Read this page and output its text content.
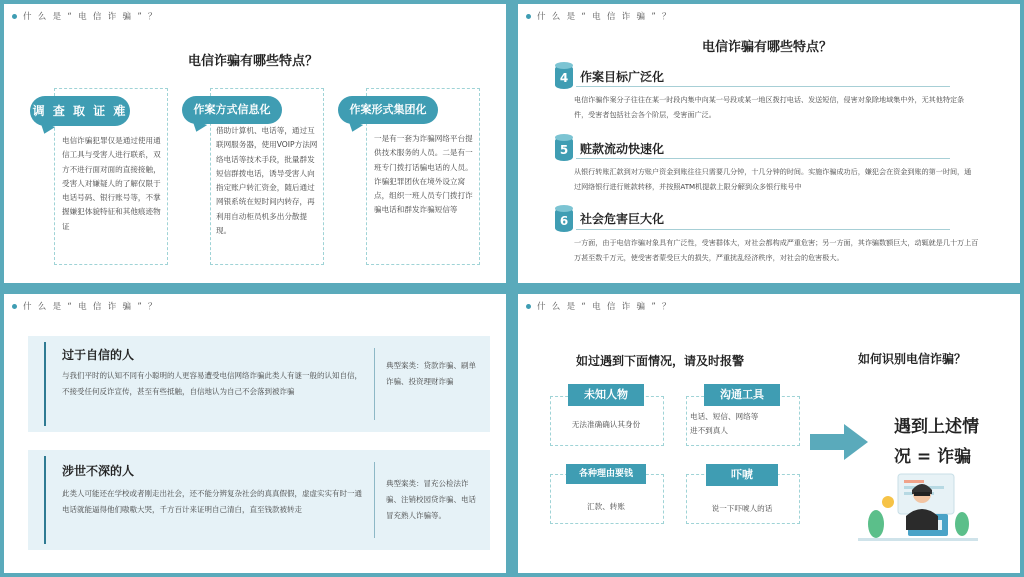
什 么 是 “ 电 信 诈 骗 ” ？
电信诈骗有哪些特点？
电信诈骗犯罪仅是通过使用通信工具与受害人进行联系，双方不进行面对面的直接接触，受害人对嫌疑人的了解仅限于电话号码、银行账号等，不掌握嫌犯体貌特征和其他痕迹物证
调 查 取 证 难
借助计算机、电话等，通过互联网服务器，使用VOIP方法网络电话等技术手段，批量群发短信群拨电话，诱导受害人向指定账户转汇资金，随后通过网银系统在短时间内转存，再利用自动柜员机多出分散提现。
作案方式信息化
一是有一套为诈骗网络平台提供技术服务的人员。二是有一班专门拨打话骗电话的人员。诈骗犯罪团伙在境外设立窝点，组织一班人员专门拨打诈骗电话和群发诈骗短信等
作案形式集团化
什 么 是 “ 电 信 诈 骗 ” ？
电信诈骗有哪些特点？
4 作案目标广泛化
电信诈骗作案分子往往在某一时段内集中向某一号段或某一地区拨打电话、发送短信，侵害对象除地域集中外，无其他特定条件，受害者包括社会各个阶层，受害面广泛。
5 赃款流动快速化
从银行转账汇款到对方账户资金到账往往只需要几分钟，十几分钟的时间。实施诈骗成功后，嫌犯会在资金到账的第一时间，通过网络银行进行赃款转移，并按照ATM机提款上限分解到众多银行账号中
6 社会危害巨大化
一方面，由于电信诈骗对象具有广泛性，受害群体大，对社会都构成严重危害；另一方面，其诈骗数额巨大，动辄就是几十万上百万甚至数千万元，使受害者蒙受巨大的损失，严重扰乱经济秩序，对社会的危害极大。
什 么 是 “ 电 信 诈 骗 ” ？
过于自信的人
与我们平时的认知不同有小聪明的人更容易遭受电信网络诈骗此类人有谜一般的认知自信，不接受任何反诈宣传，甚至有些抵触，自信地认为自己不会落到被诈骗
典型案类：贷款诈骗、刷单诈骗、投资理财诈骗
涉世不深的人
此类人可能还在学校或者刚走出社会，还不能分辨复杂社会的真真假假，虚虚实实有时一通电话就能逼得他们嗷嗷大哭，千方百计来证明自己清白，直至钱款被转走
典型案类：冒充公检法诈骗、注销校园贷诈骗、电话冒充熟人诈骗等。
什 么 是 “ 电 信 诈 骗 ” ？
如过遇到下面情况，请及时报警	如何识别电信诈骗？
未知人物
无法准确确认其身份
沟通工具
电话、短信、网络等进不到真人
各种理由要钱
汇款、转账
吓唬
说一下吓唬人的话
遇到上述情
况 = 诈骗
